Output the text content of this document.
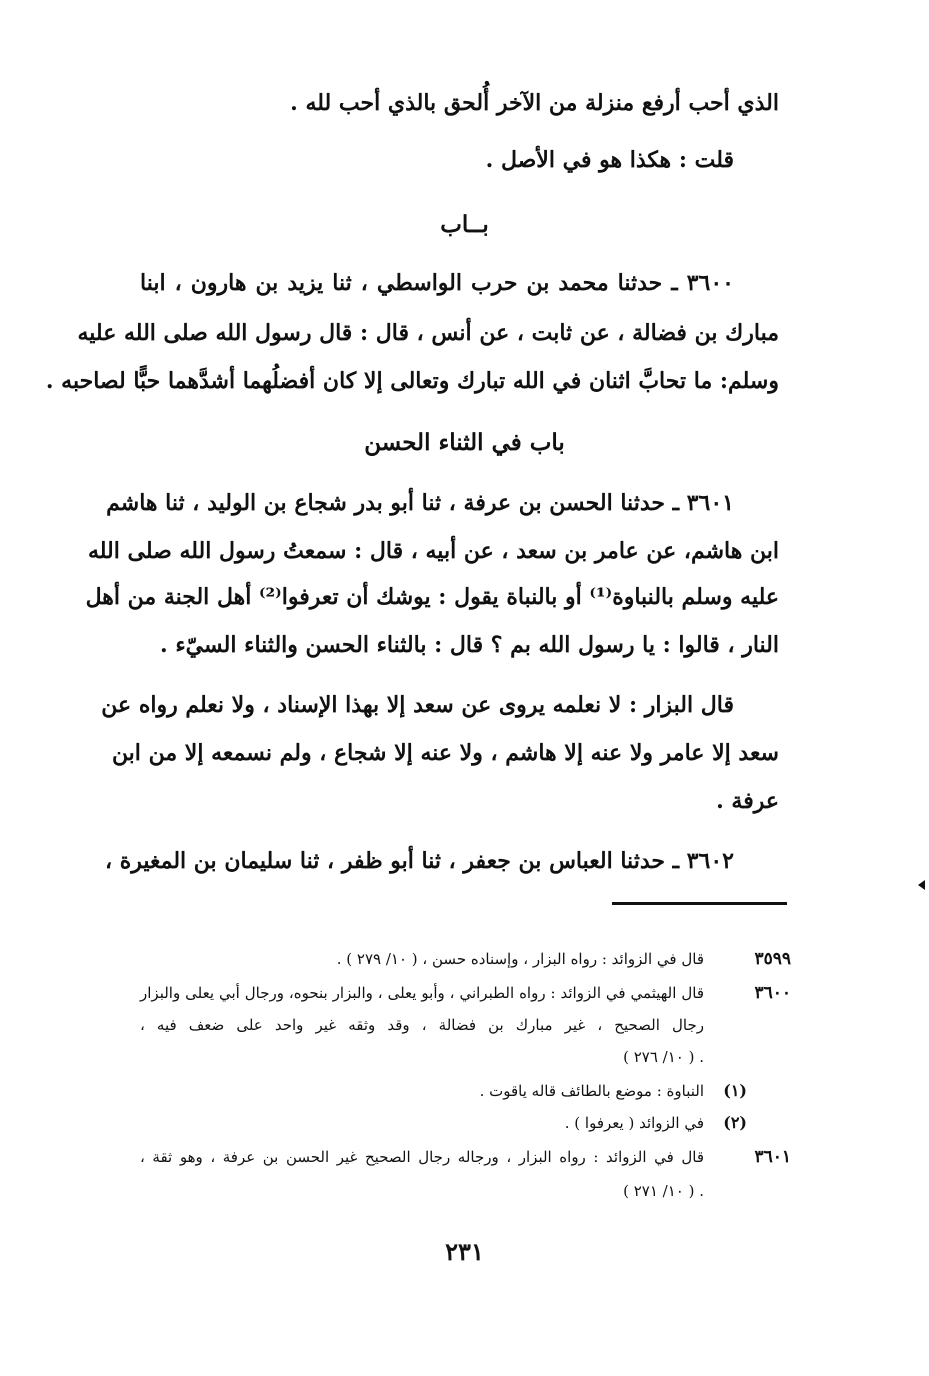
الذي أحب أرفع منزلة من الآخر أُلحق بالذي أحب لله .
قلت : هكذا هو في الأصل .
بــاب
٣٦٠٠ ـ حدثنا محمد بن حرب الواسطي ، ثنا يزيد بن هارون ، ابنا
مبارك بن فضالة ، عن ثابت ، عن أنس ، قال : قال رسول الله صلى الله عليه
وسلم: ما تحابَّ اثنان في الله تبارك وتعالى إلا كان أفضلُهما أشدَّهما حبًّا لصاحبه .
باب في الثناء الحسن
٣٦٠١ ـ حدثنا الحسن بن عرفة ، ثنا أبو بدر شجاع بن الوليد ، ثنا هاشم
ابن هاشم، عن عامر بن سعد ، عن أبيه ، قال : سمعتُ رسول الله صلى الله
عليه وسلم بالنباوة⁽¹⁾ أو بالنباة يقول : يوشك أن تعرفوا⁽²⁾ أهل الجنة من أهل
النار ، قالوا : يا رسول الله بم ؟ قال : بالثناء الحسن والثناء السيّء .
قال البزار : لا نعلمه يروى عن سعد إلا بهذا الإسناد ، ولا نعلم رواه عن
سعد إلا عامر ولا عنه إلا هاشم ، ولا عنه إلا شجاع ، ولم نسمعه إلا من ابن
عرفة .
٣٦٠٢ ـ حدثنا العباس بن جعفر ، ثنا أبو ظفر ، ثنا سليمان بن المغيرة ،
٣٥٩٩
قال في الزوائد : رواه البزار ، وإسناده حسن ، ( ١٠/ ٢٧٩ ) .
٣٦٠٠
قال الهيثمي في الزوائد : رواه الطبراني ، وأبو يعلى ، والبزار بنحوه، ورجال أبي يعلى والبزار
رجال الصحيح ، غير مبارك بن فضالة ، وقد وثقه غير واحد على ضعف فيه ،
( ١٠/ ٢٧٦ ) .
(١)
النباوة : موضع بالطائف قاله ياقوت .
(٢)
في الزوائد ( يعرفوا ) .
٣٦٠١
قال في الزوائد : رواه البزار ، ورجاله رجال الصحيح غير الحسن بن عرفة ، وهو ثقة ،
( ١٠/ ٢٧١ ) .
٢٣١
